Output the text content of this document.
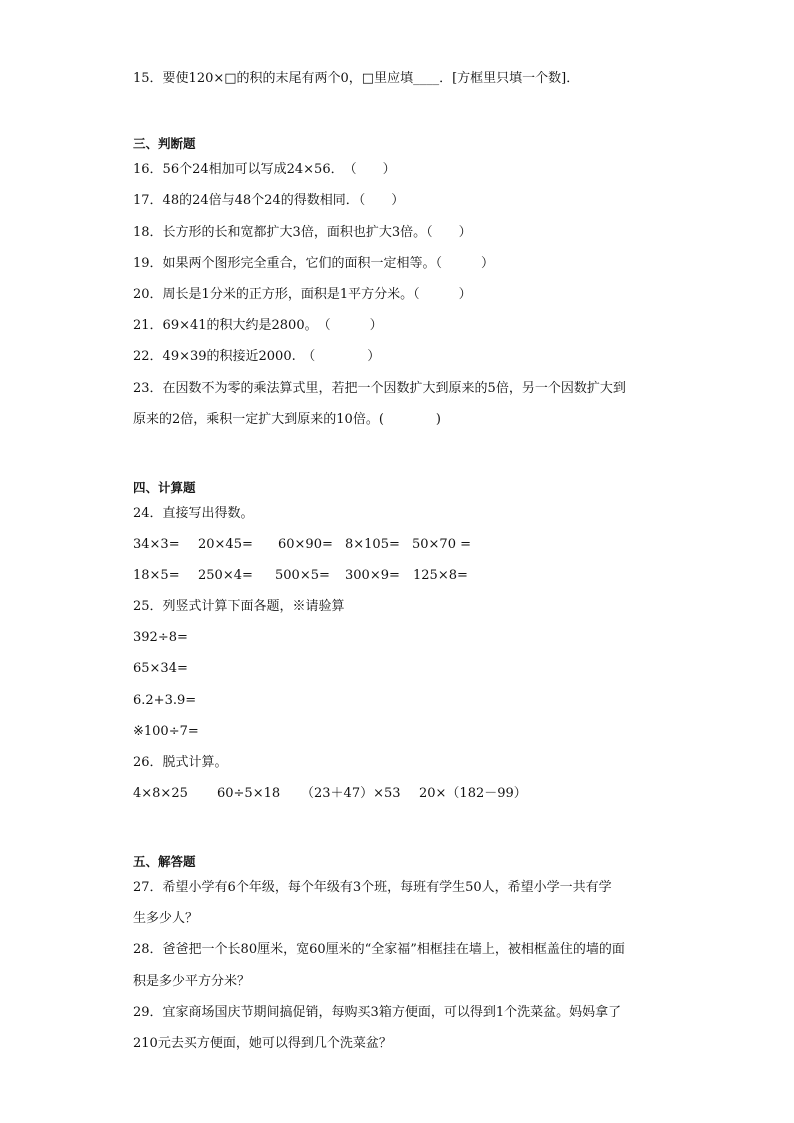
15．要使120×□的积的末尾有两个0，□里应填____．[方框里只填一个数]．
三、判断题
16．56个24相加可以写成24×56．　（　　）
17．48的24倍与48个24的得数相同．（　　）
18．长方形的长和宽都扩大3倍，面积也扩大3倍。（　　）
19．如果两个图形完全重合，它们的面积一定相等。（　　　）
20．周长是1分米的正方形，面积是1平方分米。（　　　）
21．69×41的积大约是2800。　（　　　）
22．49×39的积接近2000.　（　　　　）
23．在因数不为零的乘法算式里，若把一个因数扩大到原来的5倍，另一个因数扩大到
原来的2倍，乘积一定扩大到原来的10倍。(　　　　)
四、计算题
24．直接写出得数。
34×3= 20×45= 60×90= 8×105= 50×70 =
18×5= 250×4= 500×5= 300×9= 125×8=
25．列竖式计算下面各题，※请验算
392÷8=
65×34=
6.2+3.9=
※100÷7=
26．脱式计算。
4×8×25 60÷5×18 （23＋47）×53 20×（182－99）
五、解答题
27．希望小学有6个年级，每个年级有3个班，每班有学生50人，希望小学一共有学
生多少人？
28．爸爸把一个长80厘米，宽60厘米的“全家福”相框挂在墙上，被相框盖住的墙的面
积是多少平方分米？
29．宜家商场国庆节期间搞促销，每购买3箱方便面，可以得到1个洗菜盆。妈妈拿了
210元去买方便面，她可以得到几个洗菜盆？
